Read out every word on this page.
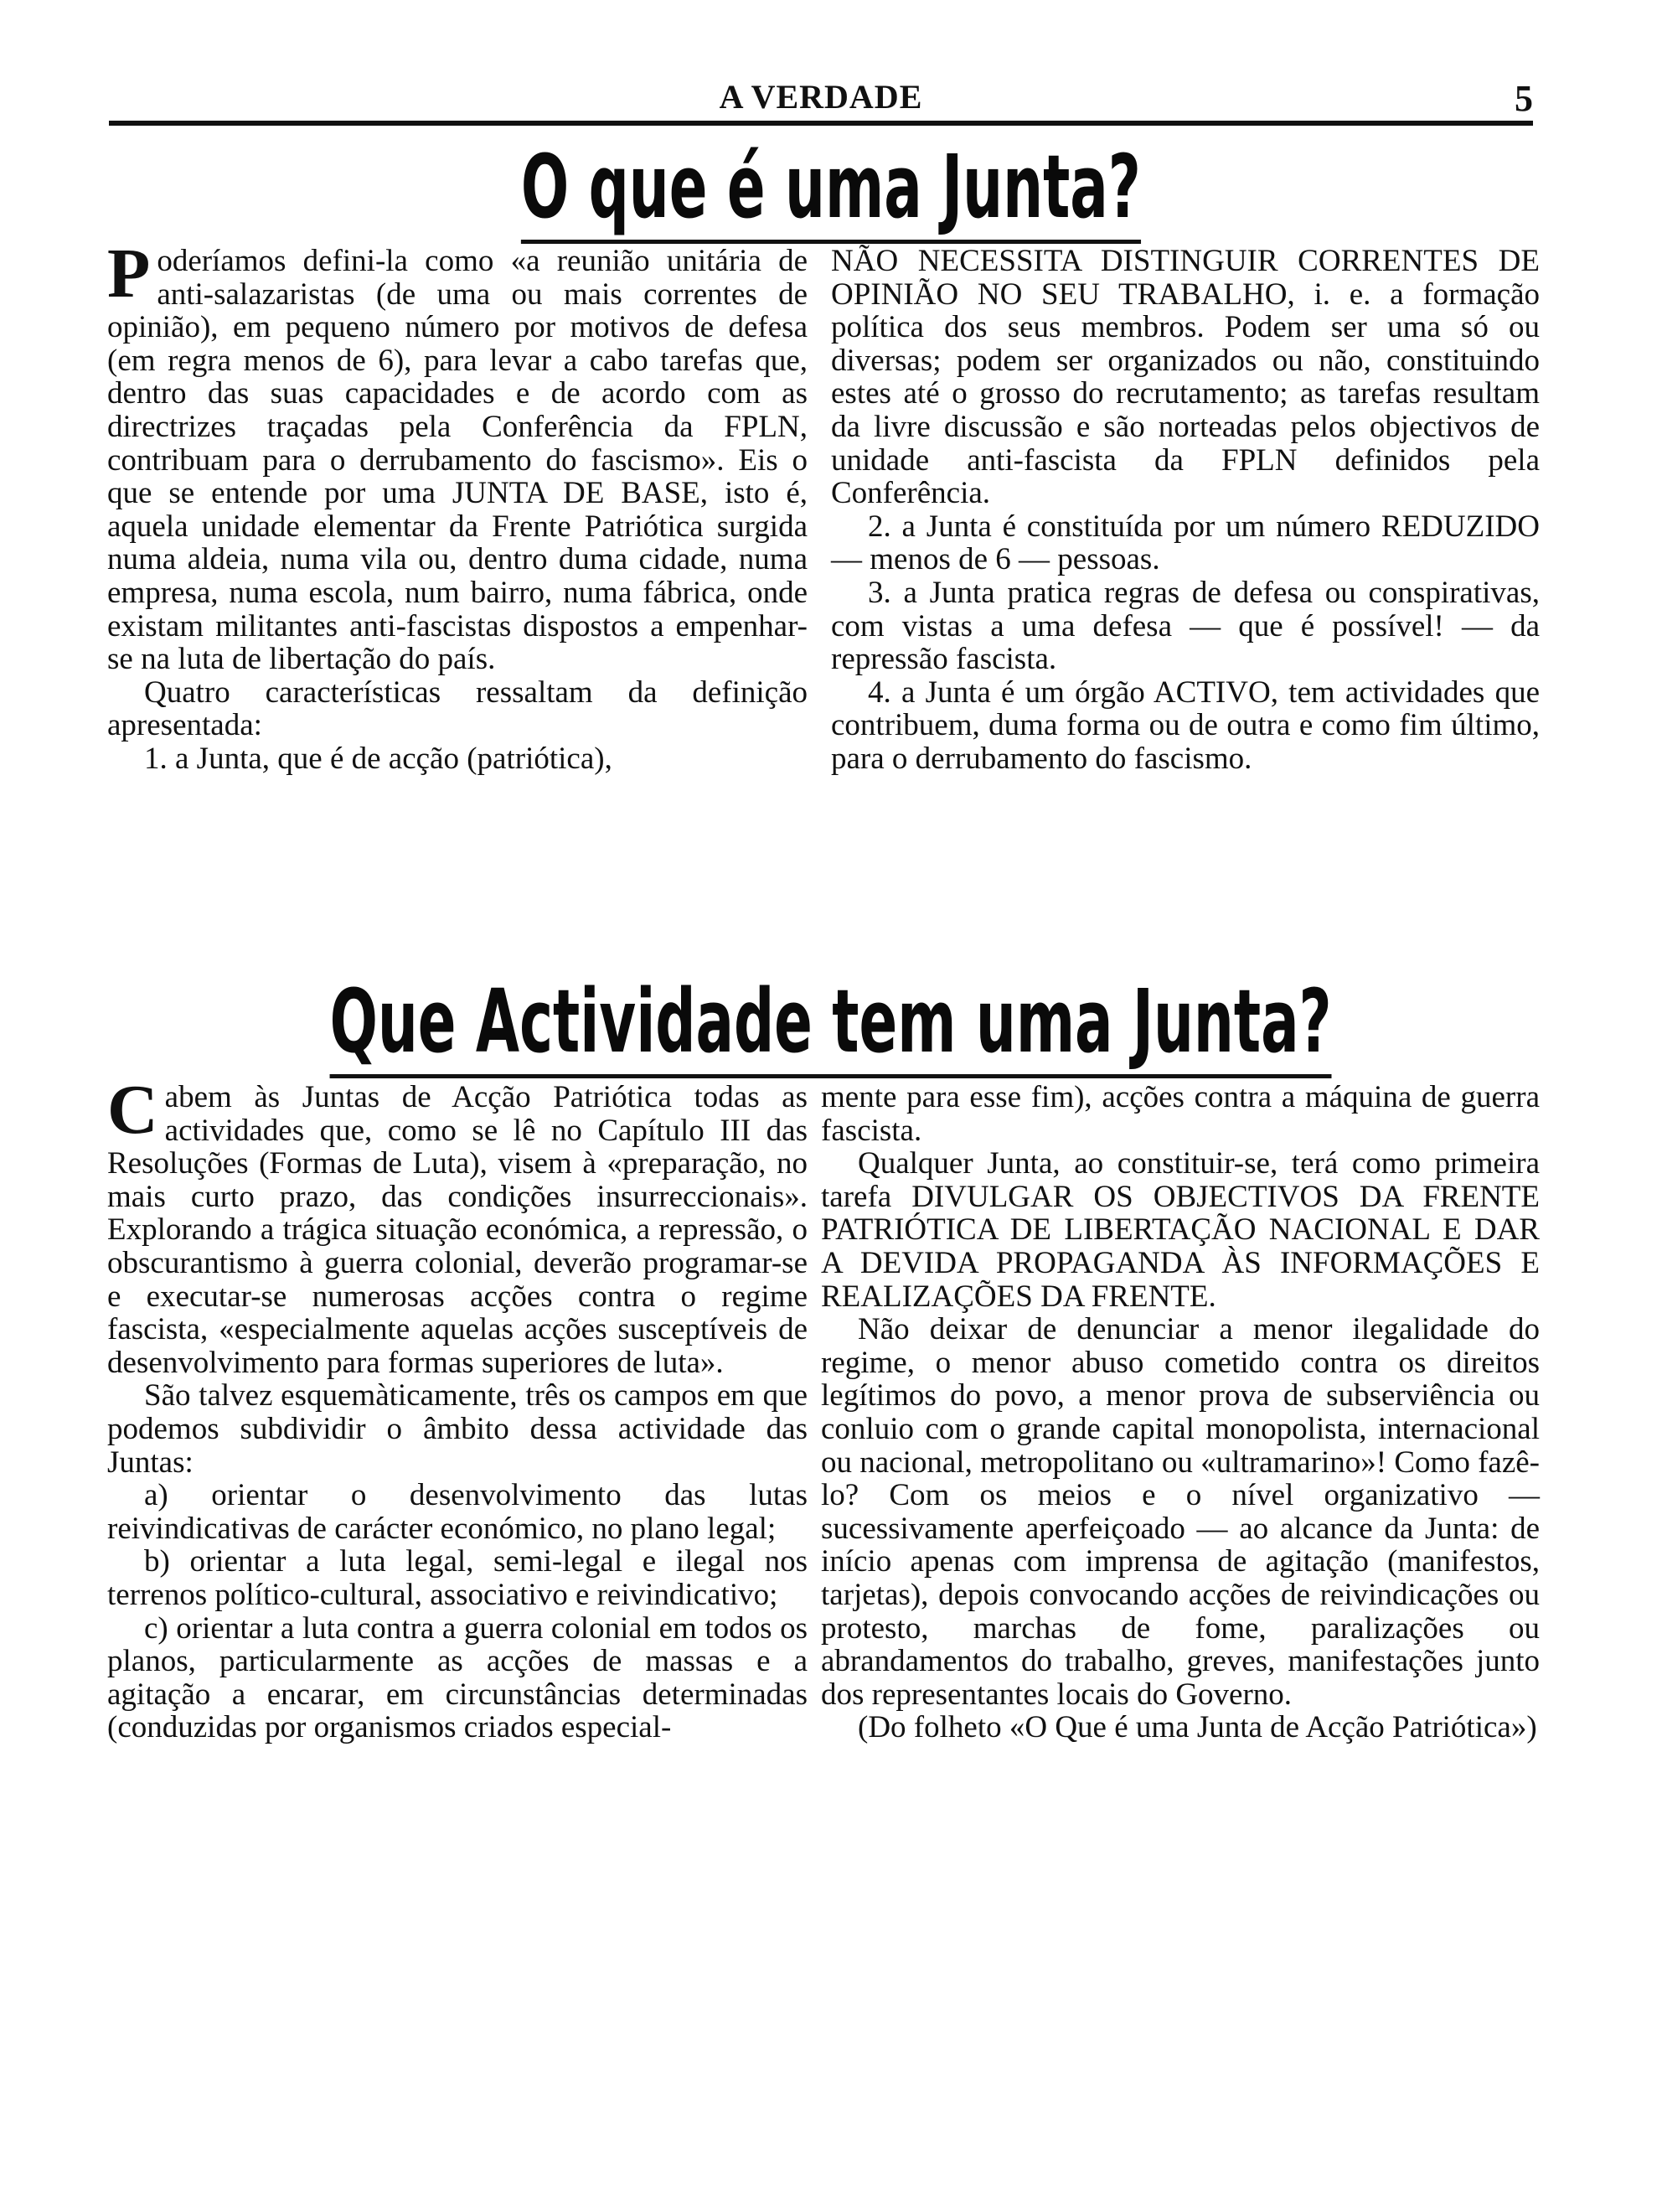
A VERDADE	5
O que é uma Junta?

Poderíamos defini-la como «a reunião unitária de anti-salazaristas (de uma ou mais correntes de opinião), em pequeno número por motivos de defesa (em regra menos de 6), para levar a cabo tarefas que, dentro das suas capacidades e de acordo com as directrizes traçadas pela Conferência da FPLN, contribuam para o derrubamento do fascismo». Eis o que se entende por uma JUNTA DE BASE, isto é, aquela unidade elementar da Frente Patriótica surgida numa aldeia, numa vila ou, dentro duma cidade, numa empresa, numa escola, num bairro, numa fábrica, onde existam militantes anti-fascistas dispostos a empenhar-se na luta de libertação do país.

Quatro características ressaltam da definição apresentada:

1. a Junta, que é de acção (patriótica),

NÃO NECESSITA DISTINGUIR CORRENTES DE OPINIÃO NO SEU TRABALHO, i. e. a formação política dos seus membros. Podem ser uma só ou diversas; podem ser organizados ou não, constituindo estes até o grosso do recrutamento; as tarefas resultam da livre discussão e são norteadas pelos objectivos de unidade anti-fascista da FPLN definidos pela Conferência.

2. a Junta é constituída por um número REDUZIDO — menos de 6 — pessoas.

3. a Junta pratica regras de defesa ou conspirativas, com vistas a uma defesa — que é possível! — da repressão fascista.

4. a Junta é um órgão ACTIVO, tem actividades que contribuem, duma forma ou de outra e como fim último, para o derrubamento do fascismo.

Que Actividade tem uma Junta?

Cabem às Juntas de Acção Patriótica todas as actividades que, como se lê no Capítulo III das Resoluções (Formas de Luta), visem à «preparação, no mais curto prazo, das condições insurreccionais». Explorando a trágica situação económica, a repressão, o obscurantismo à guerra colonial, deverão programar-se e executar-se numerosas acções contra o regime fascista, «especialmente aquelas acções susceptíveis de desenvolvimento para formas superiores de luta».

São talvez esquemàticamente, três os campos em que podemos subdividir o âmbito dessa actividade das Juntas:

a) orientar o desenvolvimento das lutas reivindicativas de carácter económico, no plano legal;

b) orientar a luta legal, semi-legal e ilegal nos terrenos político-cultural, associativo e reivindicativo;

c) orientar a luta contra a guerra colonial em todos os planos, particularmente as acções de massas e a agitação a encarar, em circunstâncias determinadas (conduzidas por organismos criados especial-

mente para esse fim), acções contra a máquina de guerra fascista.

Qualquer Junta, ao constituir-se, terá como primeira tarefa DIVULGAR OS OBJECTIVOS DA FRENTE PATRIÓTICA DE LIBERTAÇÃO NACIONAL E DAR A DEVIDA PROPAGANDA ÀS INFORMAÇÕES E REALIZAÇÕES DA FRENTE.

Não deixar de denunciar a menor ilegalidade do regime, o menor abuso cometido contra os direitos legítimos do povo, a menor prova de subserviência ou conluio com o grande capital monopolista, internacional ou nacional, metropolitano ou «ultramarino»! Como fazê-lo? Com os meios e o nível organizativo — sucessivamente aperfeiçoado — ao alcance da Junta: de início apenas com imprensa de agitação (manifestos, tarjetas), depois convocando acções de reivindicações ou protesto, marchas de fome, paralizações ou abrandamentos do trabalho, greves, manifestações junto dos representantes locais do Governo.

(Do folheto «O Que é uma Junta de Acção Patriótica»)
